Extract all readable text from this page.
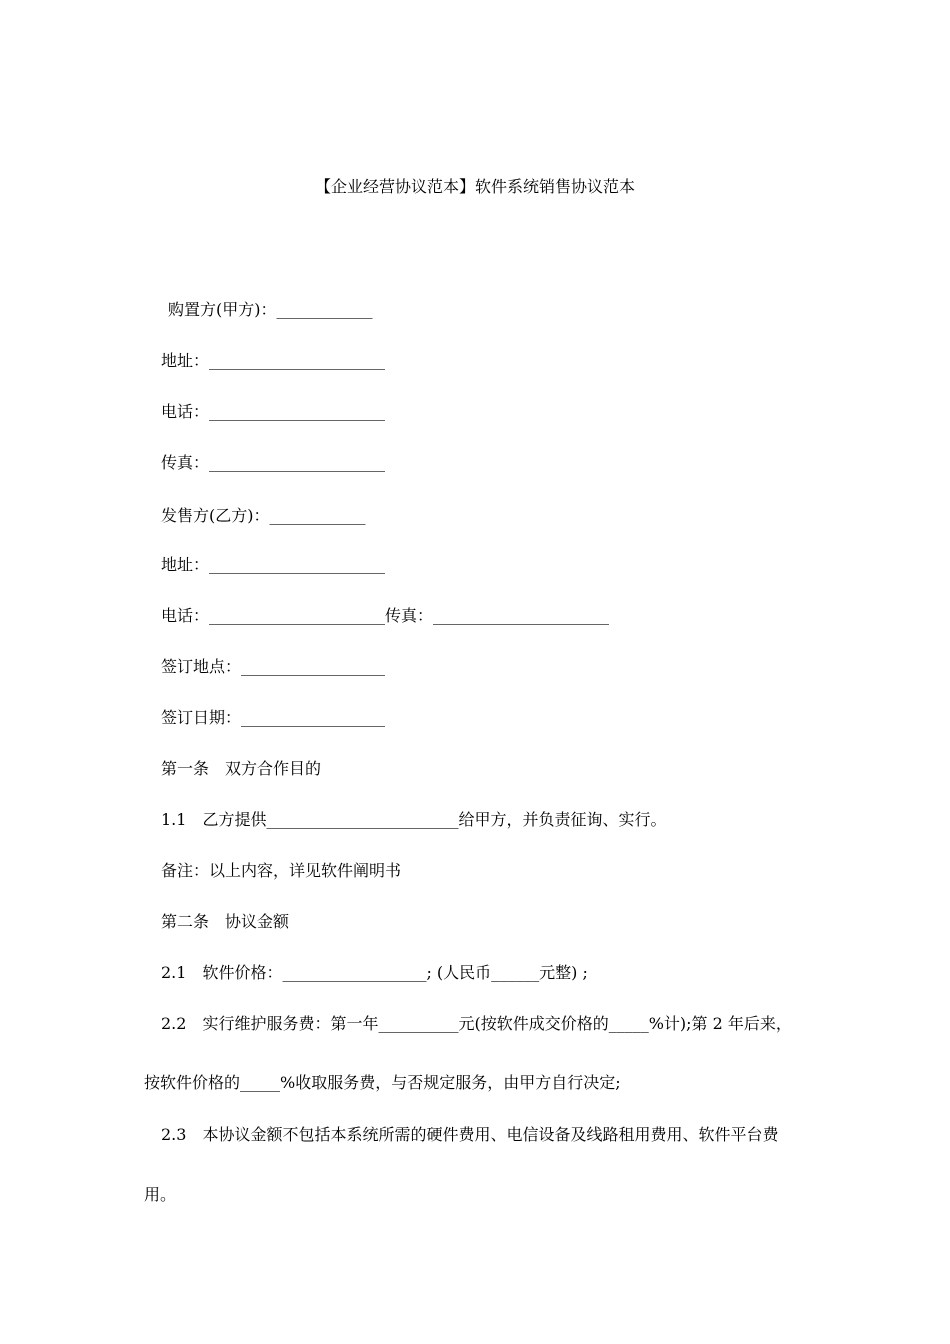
【企业经营协议范本】软件系统销售协议范本
购置方(甲方)：____________
地址：______________________
电话：______________________
传真：______________________
发售方(乙方)：____________
地址：______________________
电话：______________________传真：______________________
签订地点：__________________
签订日期：__________________
第一条　双方合作目的
1.1　乙方提供________________________给甲方，并负责征询、实行。
备注：以上内容，详见软件阐明书
第二条　协议金额
2.1　软件价格：__________________; (人民币______元整) ;
2.2　实行维护服务费：第一年__________元(按软件成交价格的_____%计);第 2 年后来，
按软件价格的_____%收取服务费，与否规定服务，由甲方自行决定;
2.3　本协议金额不包括本系统所需的硬件费用、电信设备及线路租用费用、软件平台费
用。
